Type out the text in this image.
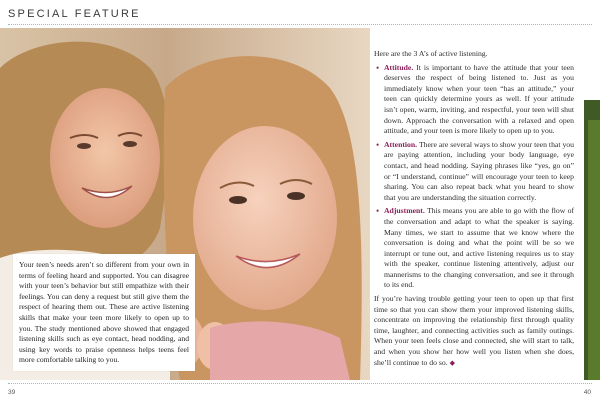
SPECIAL FEATURE
Your teen’s needs aren’t so different from your own in terms of feeling heard and supported. You can disagree with your teen’s behavior but still empathize with their feelings. You can deny a request but still give them the respect of hearing them out. These are active listening skills that make your teen more likely to open up to you. The study mentioned above showed that engaged listening skills such as eye contact, head nodding, and using key words to praise openness helps teens feel more comfortable talking to you.

Here are the 3 A’s of active listening.

• Attitude. It is important to have the attitude that your teen deserves the respect of being listened to. Just as you immediately know when your teen “has an attitude,” your teen can quickly determine yours as well. If your attitude isn’t open, warm, inviting, and respectful, your teen will shut down. Approach the conversation with a relaxed and open attitude, and your teen is more likely to open up to you.

• Attention. There are several ways to show your teen that you are paying attention, including your body language, eye contact, and head nodding. Saying phrases like “yes, go on” or “I understand, continue” will encourage your teen to keep sharing. You can also repeat back what you heard to show that you are understanding the situation correctly.

• Adjustment. This means you are able to go with the flow of the conversation and adapt to what the speaker is saying. Many times, we start to assume that we know where the conversation is doing and what the point will be so we interrupt or tune out, and active listening requires us to stay with the speaker, continue listening attentively, adjust our mannerisms to the changing conversation, and see it through to its end.

If you’re having trouble getting your teen to open up that first time so that you can show them your improved listening skills, concentrate on improving the relationship first through quality time, laughter, and connecting activities such as family outings. When your teen feels close and connected, she will start to talk, and when you show her how well you listen when she does, she’ll continue to do so. ◆

39	40
